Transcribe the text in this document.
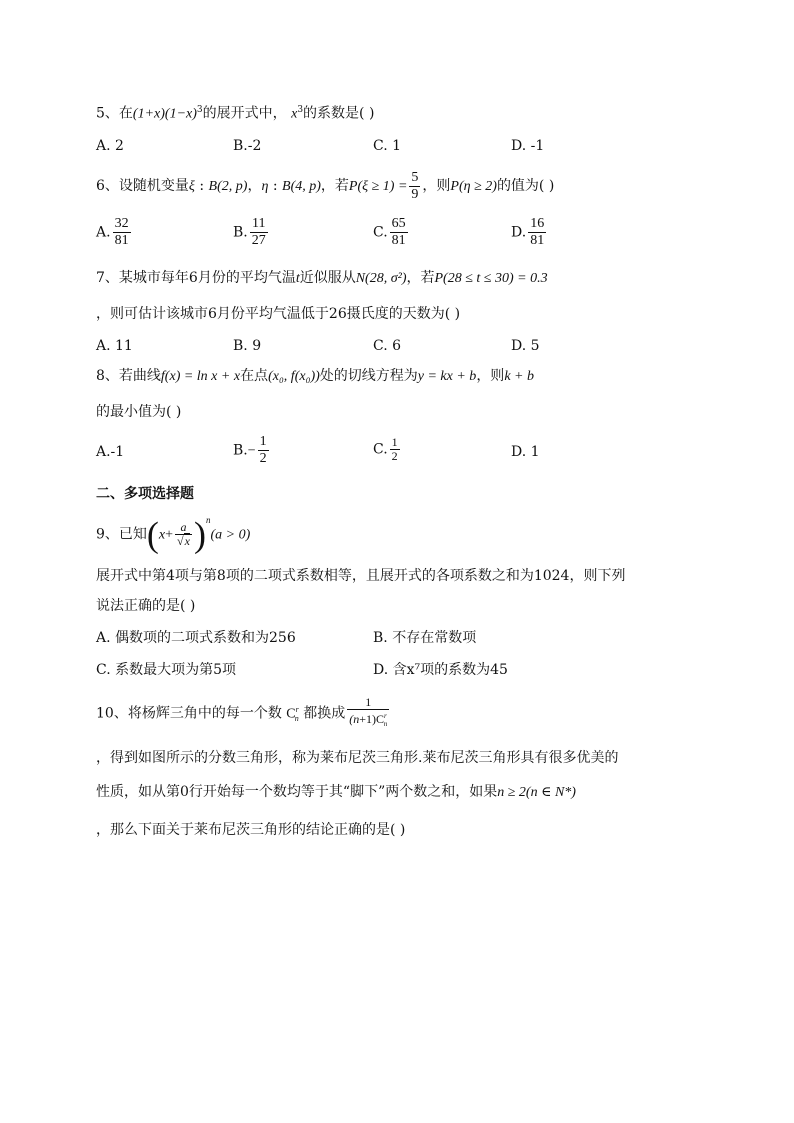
5、在$(1+x)(1-x)^3$的展开式中， $x^3$的系数是( )
A. 2	B.-2	C. 1	D. -1
6、设随机变量ξ : B(2, p)，η : B(4, p)，若$P(\xi \ge 1) = \frac{5}{9}$ ，则P(η ≥ 2)的值为( )
A. $\frac{32}{81}$	B. $\frac{11}{27}$	C. $\frac{65}{81}$	D. $\frac{16}{81}$
7、某城市每年6月份的平均气温t近似服从N(28, σ²)，若P(28 ≤ t ≤ 30) = 0.3
，则可估计该城市6月份平均气温低于26摄氏度的天数为( )
A. 11	B. 9	C. 6	D. 5
8、若曲线f(x) = ln x + x在点(x₀, f(x₀))处的切线方程为y = kx + b，则k + b
的最小值为( )
A.-1	$B.- \frac{1}{2}$	C. $\frac{1}{2}$	D. 1
二、多项选择题
9、已知$(x+ \frac{a}{√x} )^n(a > 0)$
展开式中第4项与第8项的二项式系数相等，且展开式的各项系数之和为1024，则下列
说法正确的是( )
A. 偶数项的二项式系数和为256	B. 不存在常数项
C. 系数最大项为第5项	D. 含x⁷项的系数为45
10、将杨辉三角中的每一个数 $C^r_n$ 都换成 $\frac{1}{(n+1)C^r_n}$
，得到如图所示的分数三角形，称为莱布尼茨三角形.莱布尼茨三角形具有很多优美的
性质，如从第0行开始每一个数均等于其“脚下”两个数之和，如果n ≥ 2(n ∈ N*)
，那么下面关于莱布尼茨三角形的结论正确的是( )
